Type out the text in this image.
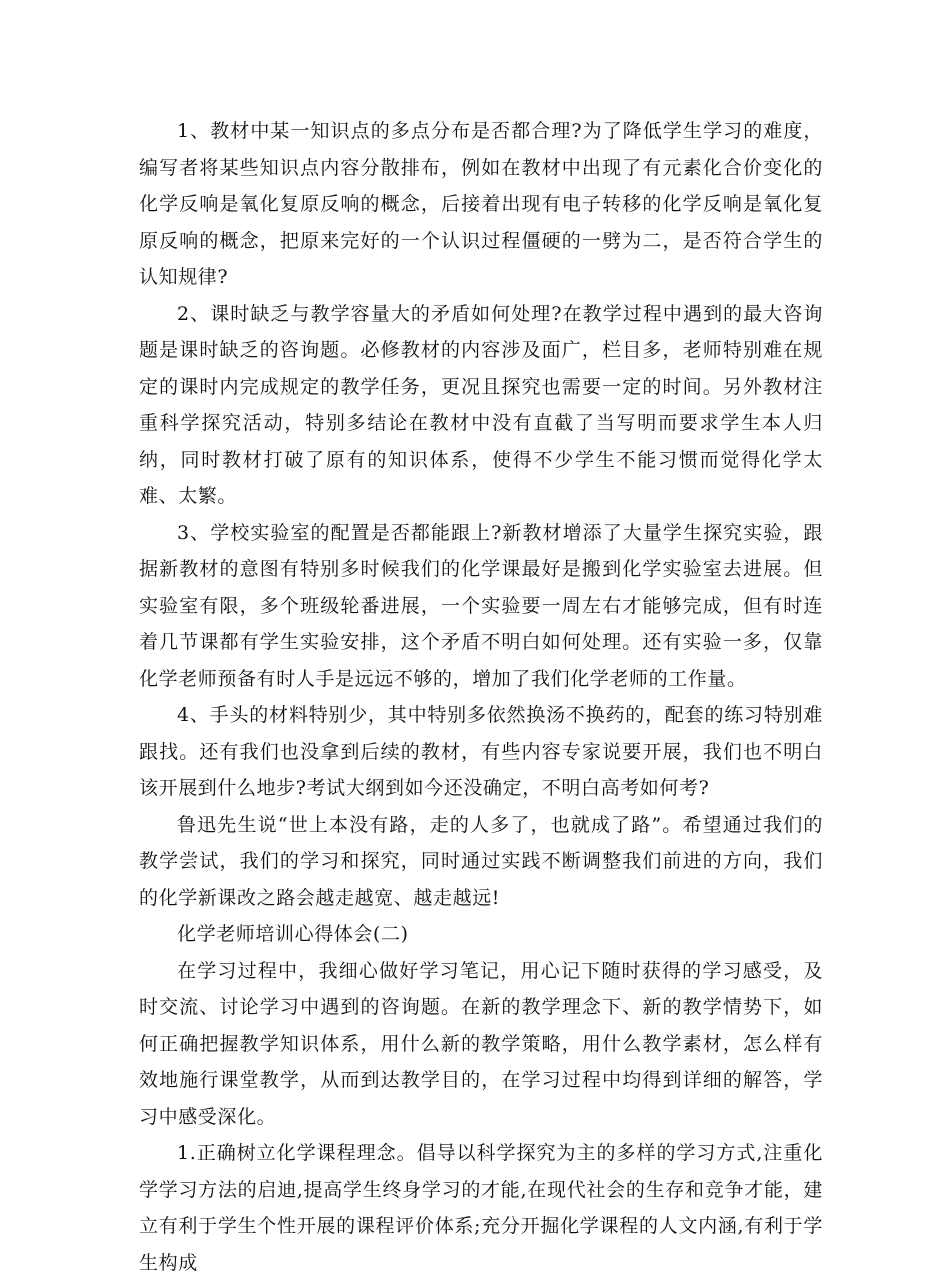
1、教材中某一知识点的多点分布是否都合理?为了降低学生学习的难度，编写者将某些知识点内容分散排布，例如在教材中出现了有元素化合价变化的化学反响是氧化复原反响的概念，后接着出现有电子转移的化学反响是氧化复原反响的概念，把原来完好的一个认识过程僵硬的一劈为二，是否符合学生的认知规律?

2、课时缺乏与教学容量大的矛盾如何处理?在教学过程中遇到的最大咨询题是课时缺乏的咨询题。必修教材的内容涉及面广，栏目多，老师特别难在规定的课时内完成规定的教学任务，更况且探究也需要一定的时间。另外教材注重科学探究活动，特别多结论在教材中没有直截了当写明而要求学生本人归纳，同时教材打破了原有的知识体系，使得不少学生不能习惯而觉得化学太难、太繁。

3、学校实验室的配置是否都能跟上?新教材增添了大量学生探究实验，跟据新教材的意图有特别多时候我们的化学课最好是搬到化学实验室去进展。但实验室有限，多个班级轮番进展，一个实验要一周左右才能够完成，但有时连着几节课都有学生实验安排，这个矛盾不明白如何处理。还有实验一多，仅靠化学老师预备有时人手是远远不够的，增加了我们化学老师的工作量。

4、手头的材料特别少，其中特别多依然换汤不换药的，配套的练习特别难跟找。还有我们也没拿到后续的教材，有些内容专家说要开展，我们也不明白该开展到什么地步?考试大纲到如今还没确定，不明白高考如何考?

鲁迅先生说“世上本没有路，走的人多了，也就成了路”。希望通过我们的教学尝试，我们的学习和探究，同时通过实践不断调整我们前进的方向，我们的化学新课改之路会越走越宽、越走越远!

化学老师培训心得体会(二)

在学习过程中，我细心做好学习笔记，用心记下随时获得的学习感受，及时交流、讨论学习中遇到的咨询题。在新的教学理念下、新的教学情势下，如何正确把握教学知识体系，用什么新的教学策略，用什么教学素材，怎么样有效地施行课堂教学，从而到达教学目的，在学习过程中均得到详细的解答，学习中感受深化。

1.正确树立化学课程理念。倡导以科学探究为主的多样的学习方式,注重化学学习方法的启迪,提高学生终身学习的才能,在现代社会的生存和竞争才能，建立有利于学生个性开展的课程评价体系;充分开掘化学课程的人文内涵,有利于学生构成
